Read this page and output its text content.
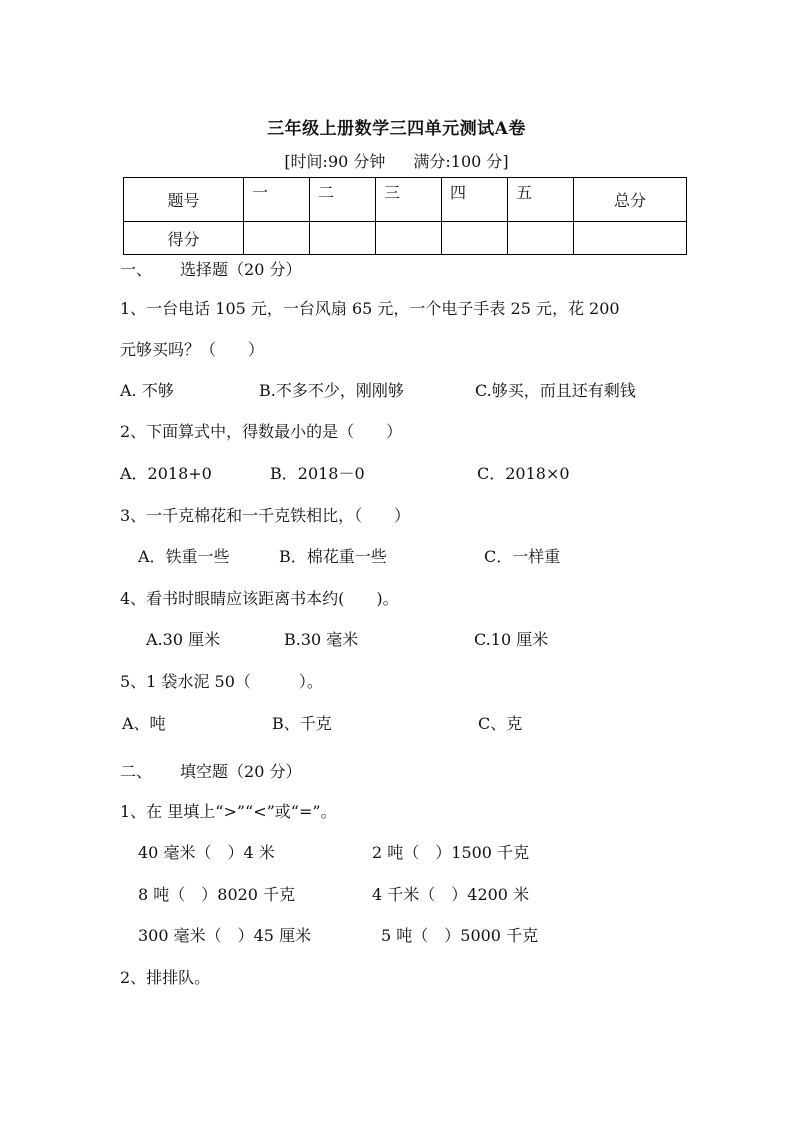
三年级上册数学三四单元测试A卷
[时间:90 分钟 满分:100 分]
题号	一	二	三	四	五	总分
得分						
一、 选择题（20 分）
1、一台电话 105 元，一台风扇 65 元，一个电子手表 25 元，花 200
元够买吗？（　　）
A. 不够	B.不多不少，刚刚够	C.够买，而且还有剩钱
2、下面算式中，得数最小的是（　　）
A．2018+0	B．2018－0	C．2018×0
3、一千克棉花和一千克铁相比，（　　）
A．铁重一些	B．棉花重一些	C．一样重
4、看书时眼睛应该距离书本约(　　)。
A.30 厘米	B.30 毫米	C.10 厘米
5、1 袋水泥 50（　　　）。
A、吨	B、千克	C、克
二、 填空题（20 分）
1、在 里填上“>”“<”或“=”。
40 毫米（　）4 米	2 吨（　）1500 千克
8 吨（　）8020 千克	4 千米（　）4200 米
300 毫米（　）45 厘米	5 吨（　）5000 千克
2、排排队。
